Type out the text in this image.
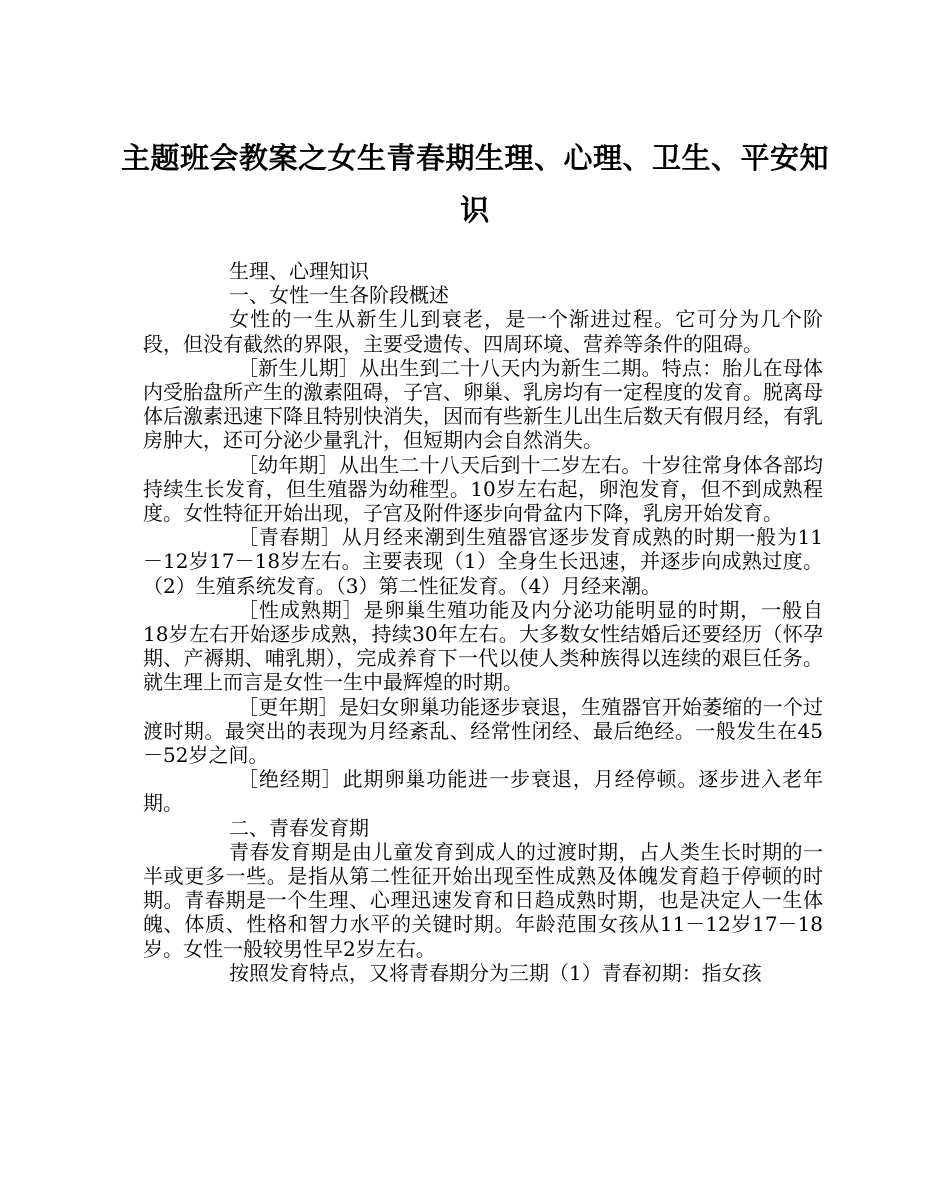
主题班会教案之女生青春期生理、心理、卫生、平安知识

生理、心理知识

一、女性一生各阶段概述

女性的一生从新生儿到衰老，是一个渐进过程。它可分为几个阶段，但没有截然的界限，主要受遗传、四周环境、营养等条件的阻碍。

［新生儿期］从出生到二十八天内为新生二期。特点：胎儿在母体内受胎盘所产生的激素阻碍，子宫、卵巢、乳房均有一定程度的发育。脱离母体后激素迅速下降且特别快消失，因而有些新生儿出生后数天有假月经，有乳房肿大，还可分泌少量乳汁，但短期内会自然消失。

［幼年期］从出生二十八天后到十二岁左右。十岁往常身体各部均持续生长发育，但生殖器为幼稚型。10岁左右起，卵泡发育，但不到成熟程度。女性特征开始出现，子宫及附件逐步向骨盆内下降，乳房开始发育。

［青春期］从月经来潮到生殖器官逐步发育成熟的时期一般为11－12岁17－18岁左右。主要表现（1）全身生长迅速，并逐步向成熟过度。（2）生殖系统发育。（3）第二性征发育。（4）月经来潮。

［性成熟期］是卵巢生殖功能及内分泌功能明显的时期，一般自18岁左右开始逐步成熟，持续30年左右。大多数女性结婚后还要经历（怀孕期、产褥期、哺乳期），完成养育下一代以使人类种族得以连续的艰巨任务。就生理上而言是女性一生中最辉煌的时期。

［更年期］是妇女卵巢功能逐步衰退，生殖器官开始萎缩的一个过渡时期。最突出的表现为月经紊乱、经常性闭经、最后绝经。一般发生在45－52岁之间。

［绝经期］此期卵巢功能进一步衰退，月经停顿。逐步进入老年期。

二、青春发育期

青春发育期是由儿童发育到成人的过渡时期，占人类生长时期的一半或更多一些。是指从第二性征开始出现至性成熟及体魄发育趋于停顿的时期。青春期是一个生理、心理迅速发育和日趋成熟时期，也是决定人一生体魄、体质、性格和智力水平的关键时期。年龄范围女孩从11－12岁17－18岁。女性一般较男性早2岁左右。

按照发育特点，又将青春期分为三期（1）青春初期：指女孩
